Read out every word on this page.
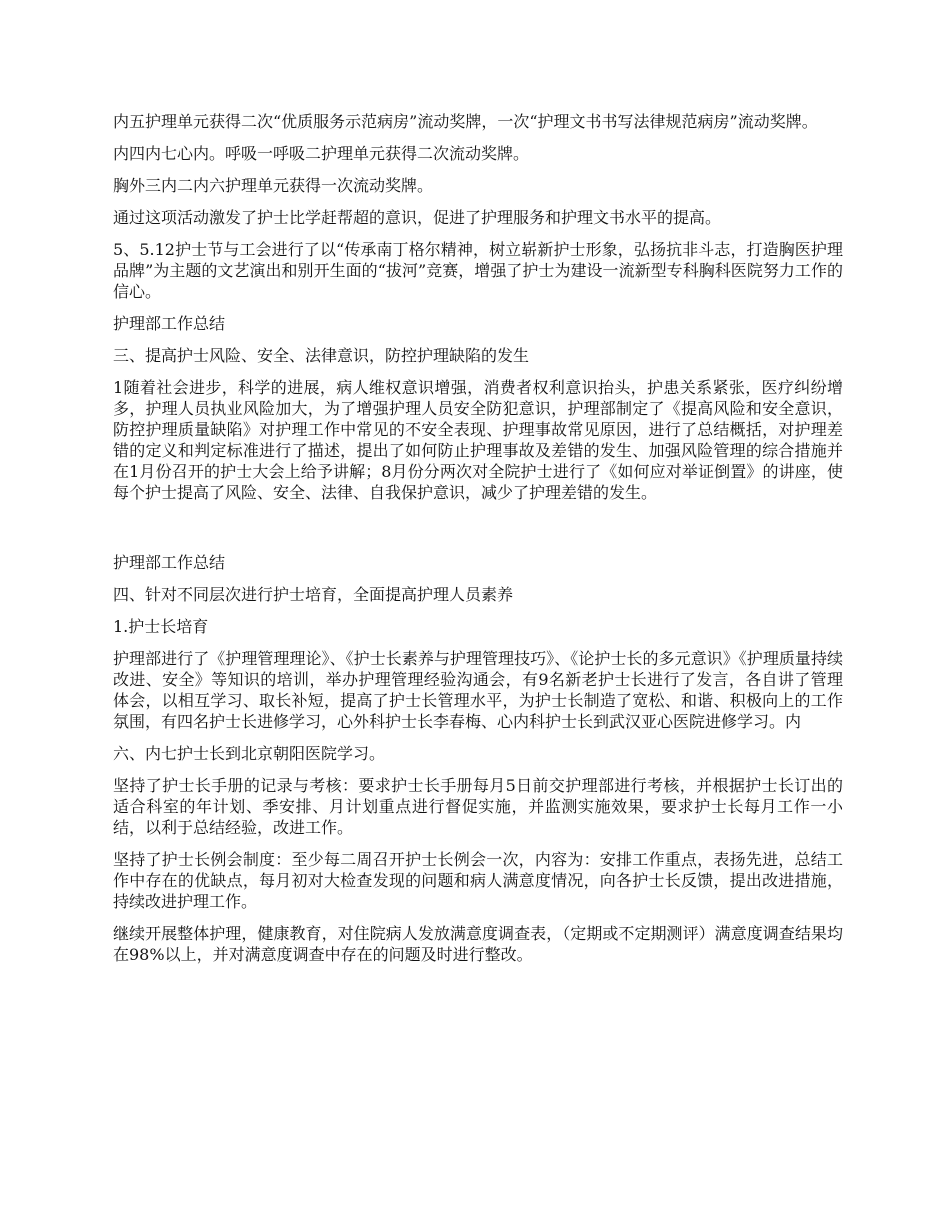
内五护理单元获得二次“优质服务示范病房”流动奖牌，一次“护理文书书写法律规范病房”流动奖牌。

内四内七心内。呼吸一呼吸二护理单元获得二次流动奖牌。

胸外三内二内六护理单元获得一次流动奖牌。

通过这项活动激发了护士比学赶帮超的意识，促进了护理服务和护理文书水平的提高。

5、5.12护士节与工会进行了以“传承南丁格尔精神，树立崭新护士形象，弘扬抗非斗志，打造胸医护理品牌”为主题的文艺演出和别开生面的“拔河”竞赛，增强了护士为建设一流新型专科胸科医院努力工作的信心。

护理部工作总结

三、提高护士风险、安全、法律意识，防控护理缺陷的发生

1随着社会进步，科学的进展，病人维权意识增强，消费者权利意识抬头，护患关系紧张，医疗纠纷增多，护理人员执业风险加大，为了增强护理人员安全防犯意识，护理部制定了《提高风险和安全意识，防控护理质量缺陷》对护理工作中常见的不安全表现、护理事故常见原因，进行了总结概括，对护理差错的定义和判定标准进行了描述，提出了如何防止护理事故及差错的发生、加强风险管理的综合措施并在1月份召开的护士大会上给予讲解；8月份分两次对全院护士进行了《如何应对举证倒置》的讲座，使每个护士提高了风险、安全、法律、自我保护意识，减少了护理差错的发生。

护理部工作总结

四、针对不同层次进行护士培育，全面提高护理人员素养

1.护士长培育

护理部进行了《护理管理理论》、《护士长素养与护理管理技巧》、《论护士长的多元意识》《护理质量持续改进、安全》等知识的培训，举办护理管理经验沟通会，有9名新老护士长进行了发言，各自讲了管理体会，以相互学习、取长补短，提高了护士长管理水平，为护士长制造了宽松、和谐、积极向上的工作氛围，有四名护士长进修学习，心外科护士长李春梅、心内科护士长到武汉亚心医院进修学习。内

六、内七护士长到北京朝阳医院学习。

坚持了护士长手册的记录与考核：要求护士长手册每月5日前交护理部进行考核，并根据护士长订出的适合科室的年计划、季安排、月计划重点进行督促实施，并监测实施效果，要求护士长每月工作一小结，以利于总结经验，改进工作。

坚持了护士长例会制度：至少每二周召开护士长例会一次，内容为：安排工作重点，表扬先进，总结工作中存在的优缺点，每月初对大检查发现的问题和病人满意度情况，向各护士长反馈，提出改进措施，持续改进护理工作。

继续开展整体护理，健康教育，对住院病人发放满意度调查表，（定期或不定期测评）满意度调查结果均在98%以上，并对满意度调查中存在的问题及时进行整改。
